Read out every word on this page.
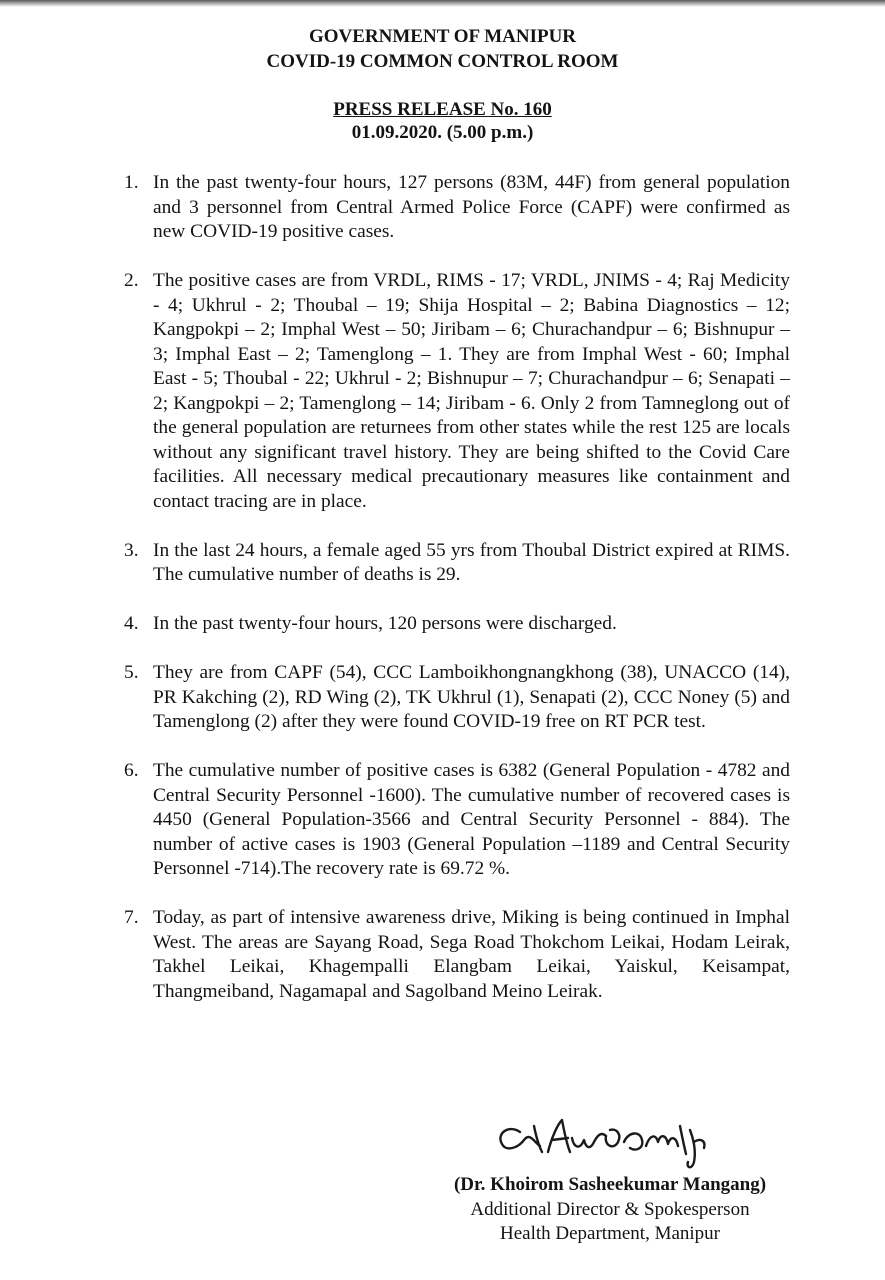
GOVERNMENT OF MANIPUR
COVID-19 COMMON CONTROL ROOM
PRESS RELEASE No. 160
01.09.2020. (5.00 p.m.)
1. In the past twenty-four hours, 127 persons (83M, 44F) from general population and 3 personnel from Central Armed Police Force (CAPF) were confirmed as new COVID-19 positive cases.
2. The positive cases are from VRDL, RIMS - 17; VRDL, JNIMS - 4; Raj Medicity - 4; Ukhrul - 2; Thoubal – 19; Shija Hospital – 2; Babina Diagnostics – 12; Kangpokpi – 2; Imphal West – 50; Jiribam – 6; Churachandpur – 6; Bishnupur – 3; Imphal East – 2; Tamenglong – 1. They are from Imphal West - 60; Imphal East - 5; Thoubal - 22; Ukhrul - 2; Bishnupur – 7; Churachandpur – 6; Senapati – 2; Kangpokpi – 2; Tamenglong – 14; Jiribam - 6. Only 2 from Tamneglong out of the general population are returnees from other states while the rest 125 are locals without any significant travel history. They are being shifted to the Covid Care facilities. All necessary medical precautionary measures like containment and contact tracing are in place.
3. In the last 24 hours, a female aged 55 yrs from Thoubal District expired at RIMS. The cumulative number of deaths is 29.
4. In the past twenty-four hours, 120 persons were discharged.
5. They are from CAPF (54), CCC Lamboikhongnangkhong (38), UNACCO (14), PR Kakching (2), RD Wing (2), TK Ukhrul (1), Senapati (2), CCC Noney (5) and Tamenglong (2) after they were found COVID-19 free on RT PCR test.
6. The cumulative number of positive cases is 6382 (General Population - 4782 and Central Security Personnel -1600). The cumulative number of recovered cases is 4450 (General Population-3566 and Central Security Personnel - 884). The number of active cases is 1903 (General Population –1189 and Central Security Personnel -714).The recovery rate is 69.72 %.
7. Today, as part of intensive awareness drive, Miking is being continued in Imphal West. The areas are Sayang Road, Sega Road Thokchom Leikai, Hodam Leirak, Takhel Leikai, Khagempalli Elangbam Leikai, Yaiskul, Keisampat, Thangmeiband, Nagamapal and Sagolband Meino Leirak.
(Dr. Khoirom Sasheekumar Mangang)
Additional Director & Spokesperson
Health Department, Manipur
